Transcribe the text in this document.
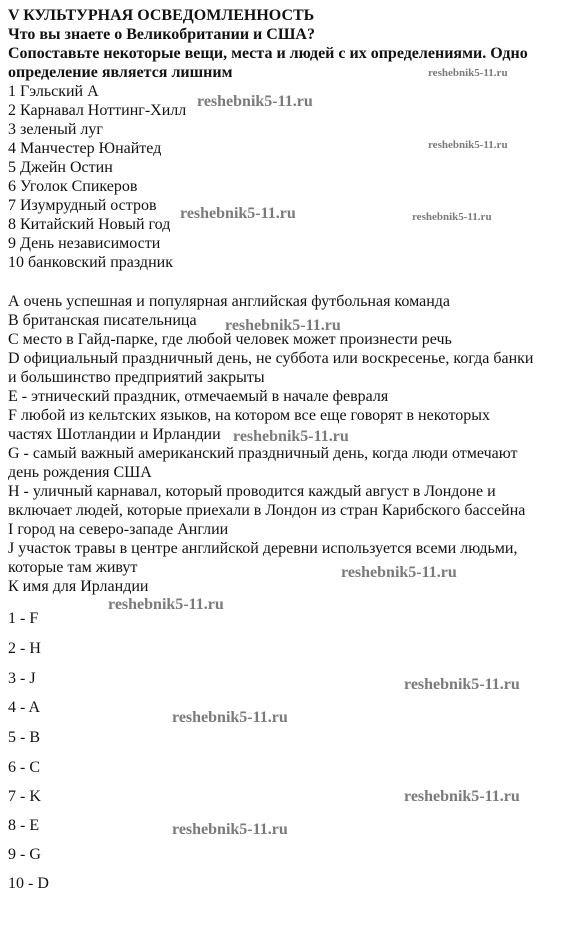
V КУЛЬТУРНАЯ ОСВЕДОМЛЕННОСТЬ
Что вы знаете о Великобритании и США?
Сопоставьте некоторые вещи, места и людей с их определениями. Одно
определение является лишним
1 Гэльский А
2 Карнавал Ноттинг-Хилл
3 зеленый луг
4 Манчестер Юнайтед
5 Джейн Остин
6 Уголок Спикеров
7 Изумрудный остров
8 Китайский Новый год
9 День независимости
10 банковский праздник
А очень успешная и популярная английская футбольная команда
В британская писательница
С место в Гайд-парке, где любой человек может произнести речь
D официальный праздничный день, не суббота или воскресенье, когда банки
и большинство предприятий закрыты
Е - этнический праздник, отмечаемый в начале февраля
F любой из кельтских языков, на котором все еще говорят в некоторых
частях Шотландии и Ирландии
G - самый важный американский праздничный день, когда люди отмечают
день рождения США
Н - уличный карнавал, который проводится каждый август в Лондоне и
включает людей, которые приехали в Лондон из стран Карибского бассейна
I город на северо-западе Англии
J участок травы в центре английской деревни используется всеми людьми,
которые там живут
К имя для Ирландии
1 - F
2 - H
3 - J
4 - A
5 - B
6 - C
7 - K
8 - E
9 - G
10 - D
reshebnik5-11.ru
reshebnik5-11.ru
reshebnik5-11.ru
reshebnik5-11.ru	reshebnik5-11.ru
reshebnik5-11.ru
reshebnik5-11.ru
reshebnik5-11.ru
reshebnik5-11.ru
reshebnik5-11.ru
reshebnik5-11.ru
reshebnik5-11.ru
reshebnik5-11.ru
